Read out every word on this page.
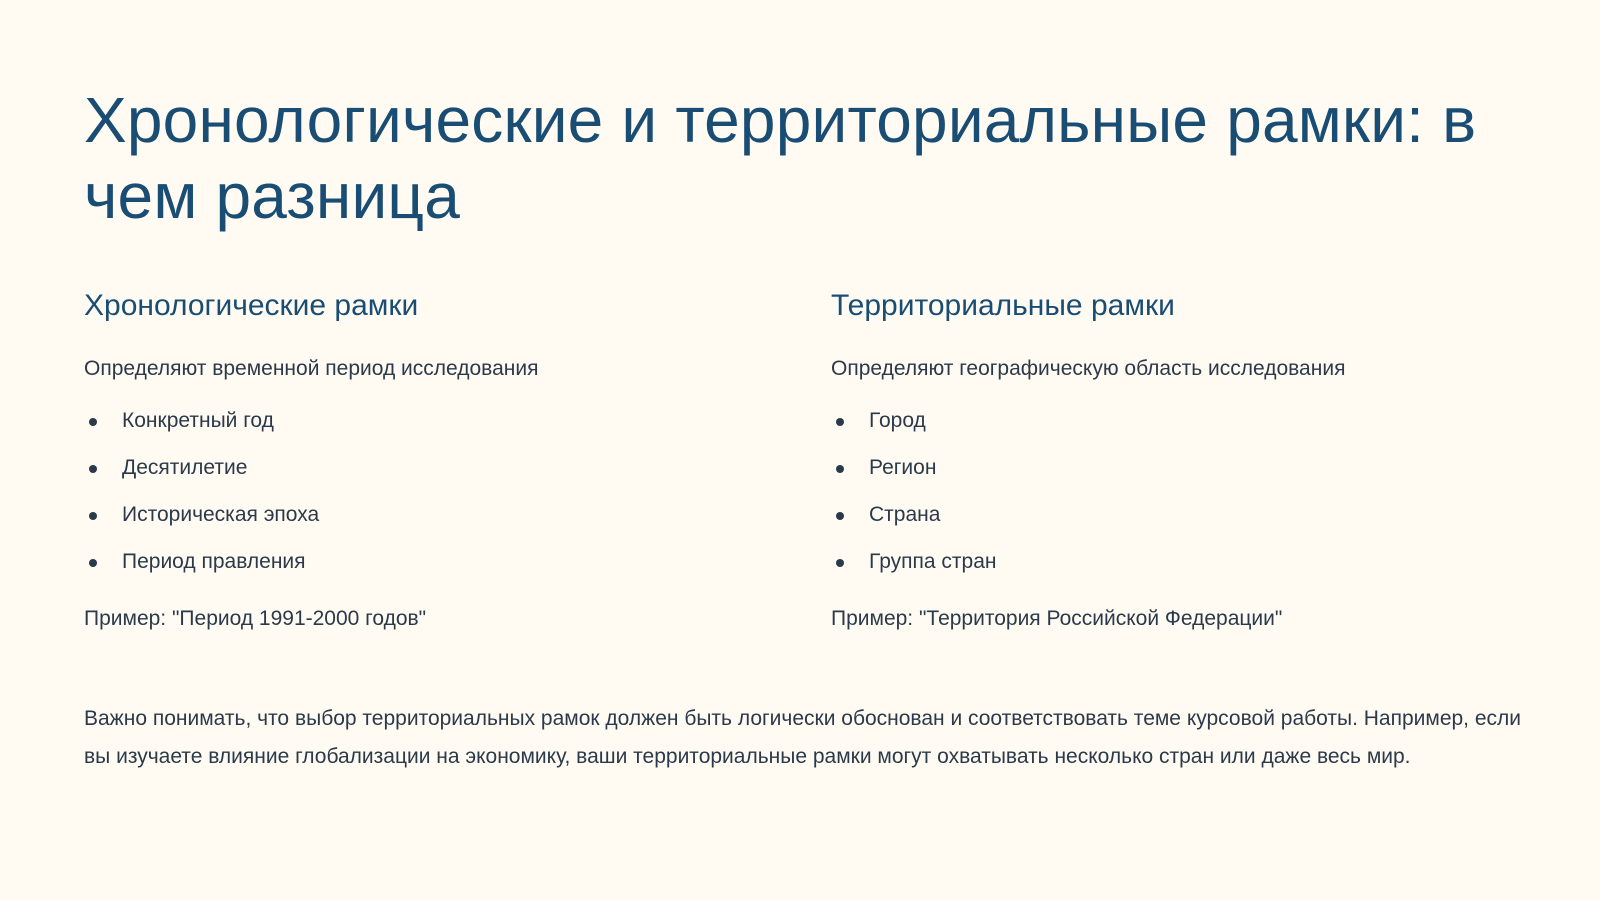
Хронологические и территориальные рамки: в чем разница
Хронологические рамки

Определяют временной период исследования

Конкретный год
Десятилетие
Историческая эпоха
Период правления

Пример: "Период 1991-2000 годов"

Территориальные рамки

Определяют географическую область исследования

Город
Регион
Страна
Группа стран

Пример: "Территория Российской Федерации"

Важно понимать, что выбор территориальных рамок должен быть логически обоснован и соответствовать теме курсовой работы. Например, если вы изучаете влияние глобализации на экономику, ваши территориальные рамки могут охватывать несколько стран или даже весь мир.
